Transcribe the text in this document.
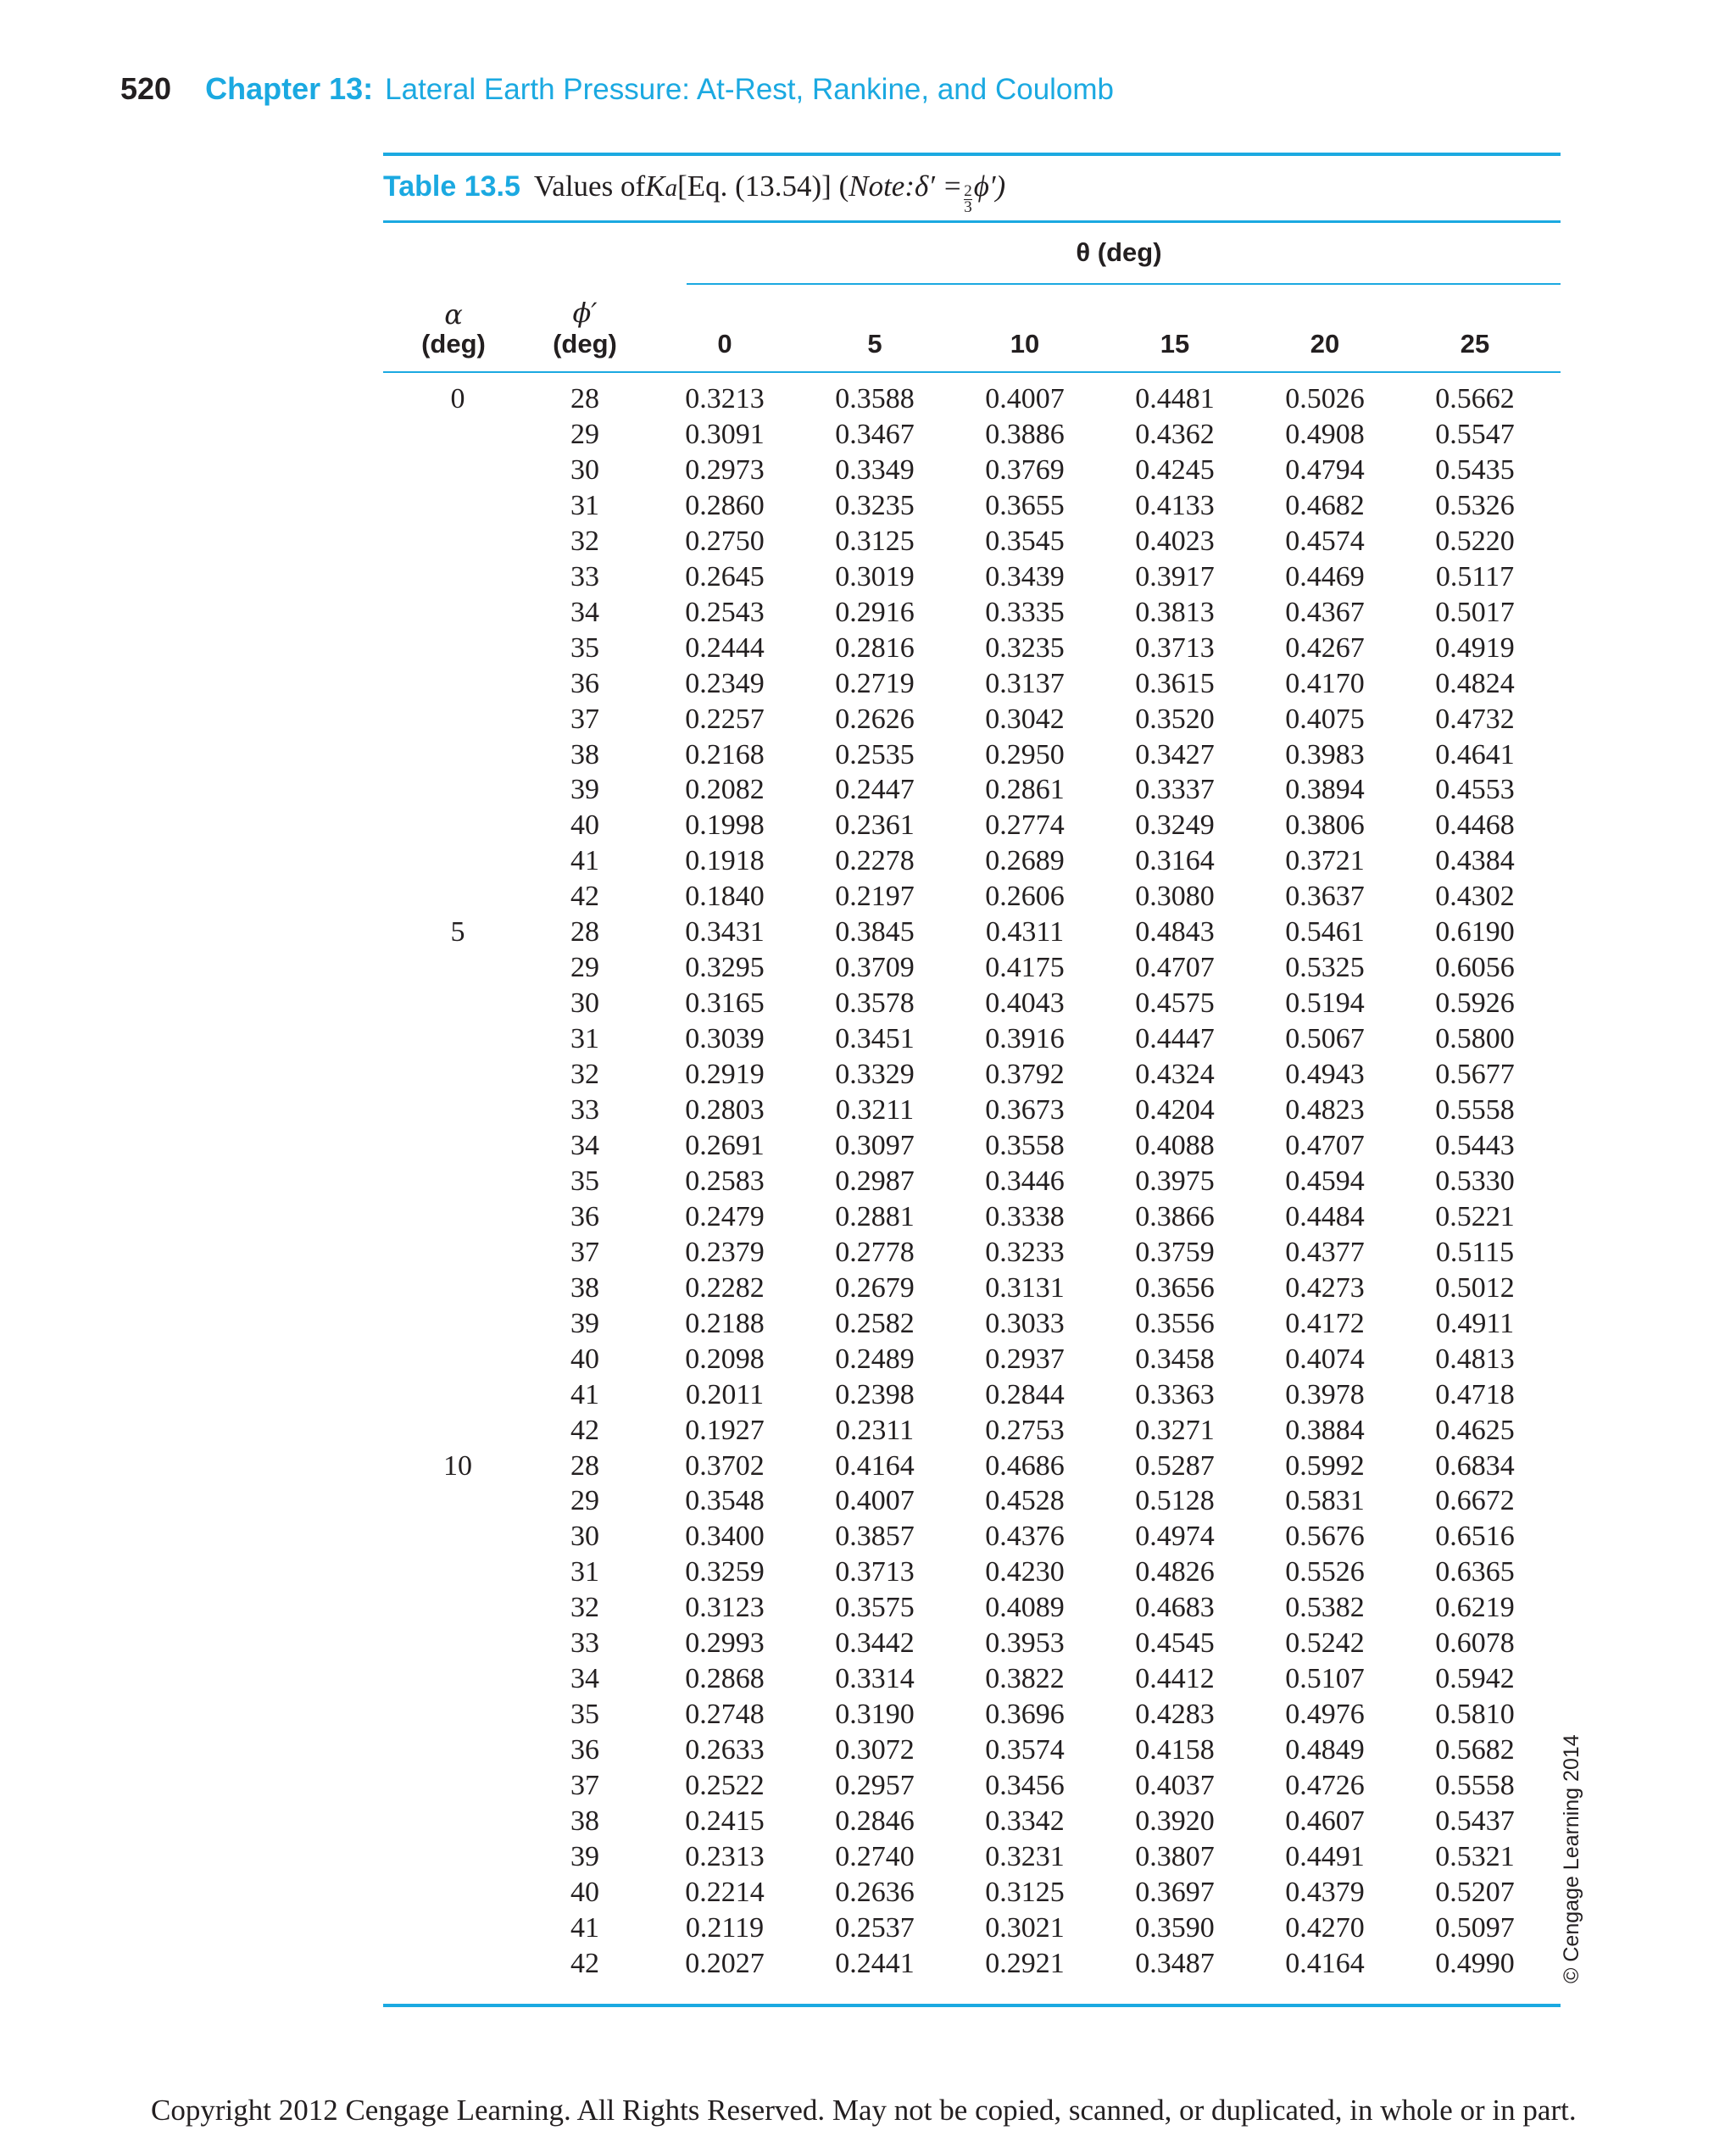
520 Chapter 13: Lateral Earth Pressure: At-Rest, Rankine, and Coulomb
Table 13.5 Values of K a [Eq. (13.54)] ( Note: $\delta' = \frac{2}{3} \phi'$)
θ (deg)
α
(deg)
ϕ′
(deg)	0	5	10	15	20	25
0	28	0.3213 0.3588 0.4007 0.4481 0.5026 0.5662
29	0.3091 0.3467 0.3886 0.4362 0.4908 0.5547
30	0.2973 0.3349 0.3769 0.4245 0.4794 0.5435
31	0.2860 0.3235 0.3655 0.4133 0.4682 0.5326
32	0.2750 0.3125 0.3545 0.4023 0.4574 0.5220
33	0.2645 0.3019 0.3439 0.3917 0.4469 0.5117
34	0.2543 0.2916 0.3335 0.3813 0.4367 0.5017
35	0.2444 0.2816 0.3235 0.3713 0.4267 0.4919
36	0.2349 0.2719 0.3137 0.3615 0.4170 0.4824
37	0.2257 0.2626 0.3042 0.3520 0.4075 0.4732
38	0.2168 0.2535 0.2950 0.3427 0.3983 0.4641
39	0.2082 0.2447 0.2861 0.3337 0.3894 0.4553
40	0.1998 0.2361 0.2774 0.3249 0.3806 0.4468
41	0.1918 0.2278 0.2689 0.3164 0.3721 0.4384
42	0.1840 0.2197 0.2606 0.3080 0.3637 0.4302
5	28	0.3431 0.3845 0.4311 0.4843 0.5461 0.6190
29	0.3295 0.3709 0.4175 0.4707 0.5325 0.6056
30	0.3165 0.3578 0.4043 0.4575 0.5194 0.5926
31	0.3039 0.3451 0.3916 0.4447 0.5067 0.5800
32	0.2919 0.3329 0.3792 0.4324 0.4943 0.5677
33	0.2803 0.3211 0.3673 0.4204 0.4823 0.5558
34	0.2691 0.3097 0.3558 0.4088 0.4707 0.5443
35	0.2583 0.2987 0.3446 0.3975 0.4594 0.5330
36	0.2479 0.2881 0.3338 0.3866 0.4484 0.5221
37	0.2379 0.2778 0.3233 0.3759 0.4377 0.5115
38	0.2282 0.2679 0.3131 0.3656 0.4273 0.5012
39	0.2188 0.2582 0.3033 0.3556 0.4172 0.4911
40	0.2098 0.2489 0.2937 0.3458 0.4074 0.4813
41	0.2011 0.2398 0.2844 0.3363 0.3978 0.4718
42	0.1927 0.2311 0.2753 0.3271 0.3884 0.4625
10	28	0.3702 0.4164 0.4686 0.5287 0.5992 0.6834
29	0.3548 0.4007 0.4528 0.5128 0.5831 0.6672
30	0.3400 0.3857 0.4376 0.4974 0.5676 0.6516
31	0.3259 0.3713 0.4230 0.4826 0.5526 0.6365
32	0.3123 0.3575 0.4089 0.4683 0.5382 0.6219
33	0.2993 0.3442 0.3953 0.4545 0.5242 0.6078
34	0.2868 0.3314 0.3822 0.4412 0.5107 0.5942
35	0.2748 0.3190 0.3696 0.4283 0.4976 0.5810
36	0.2633 0.3072 0.3574 0.4158 0.4849 0.5682
37	0.2522 0.2957 0.3456 0.4037 0.4726 0.5558
38	0.2415 0.2846 0.3342 0.3920 0.4607 0.5437
39	0.2313 0.2740 0.3231 0.3807 0.4491 0.5321
40	0.2214 0.2636 0.3125 0.3697 0.4379 0.5207
41	0.2119 0.2537 0.3021 0.3590 0.4270 0.5097
42	0.2027 0.2441 0.2921 0.3487 0.4164 0.4990	© Cengage Learning 2014
Copyright 2012 Cengage Learning. All Rights Reserved. May not be copied, scanned, or duplicated, in whole or in part.
